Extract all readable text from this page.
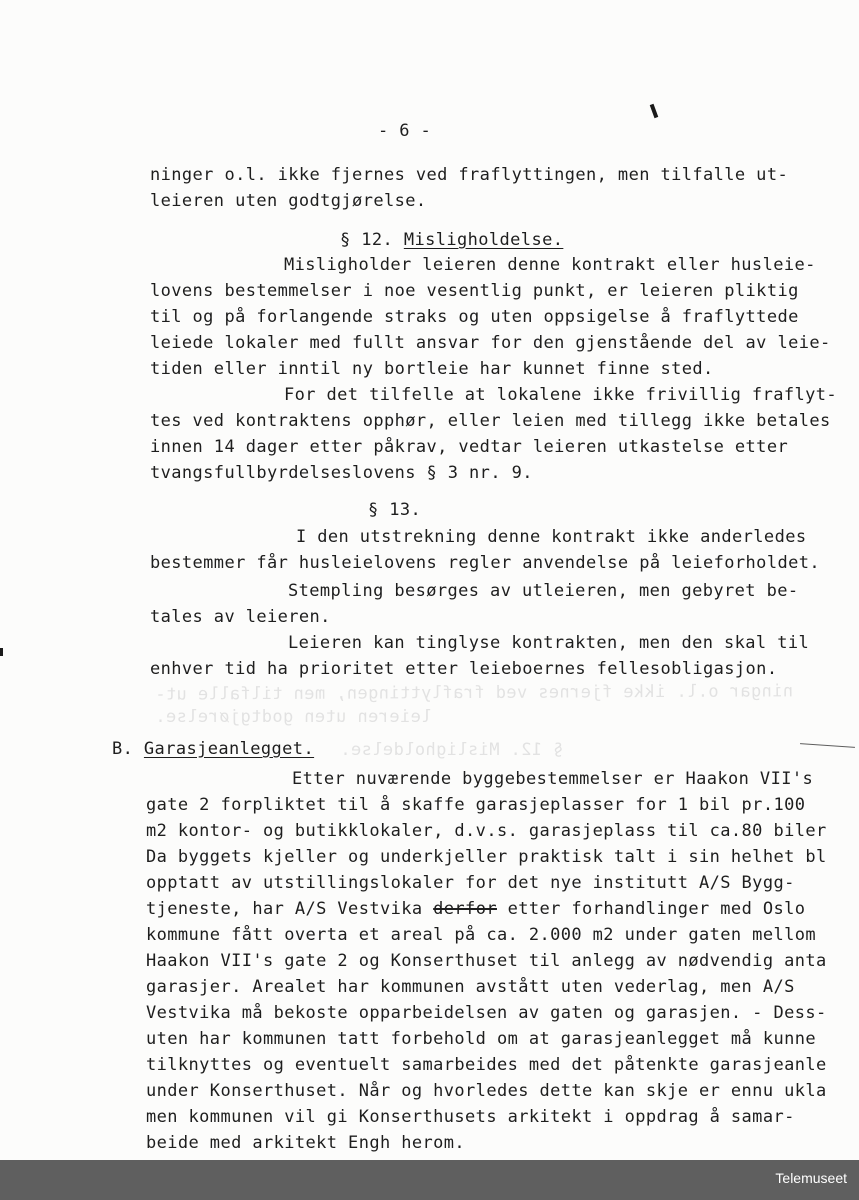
ningar o.l. ikke fjernes ved fraflyttingen, men tilfalle ut-
leieren uten godtgjørelse.
§ 12. Misligholdelse.
- 6 -
ninger o.l. ikke fjernes ved fraflyttingen, men tilfalle ut-
leieren uten godtgjørelse.
§ 12. Misligholdelse.
Misligholder leieren denne kontrakt eller husleie-
lovens bestemmelser i noe vesentlig punkt, er leieren pliktig
til og på forlangende straks og uten oppsigelse å fraflyttede
leiede lokaler med fullt ansvar for den gjenstående del av leie-
tiden eller inntil ny bortleie har kunnet finne sted.
For det tilfelle at lokalene ikke frivillig fraflyt-
tes ved kontraktens opphør, eller leien med tillegg ikke betales
innen 14 dager etter påkrav, vedtar leieren utkastelse etter
tvangsfullbyrdelseslovens § 3 nr. 9.
§ 13.
I den utstrekning denne kontrakt ikke anderledes
bestemmer får husleielovens regler anvendelse på leieforholdet.
Stempling besørges av utleieren, men gebyret be-
tales av leieren.
Leieren kan tinglyse kontrakten, men den skal til
enhver tid ha prioritet etter leieboernes fellesobligasjon.
B. Garasjeanlegget.
Etter nuværende byggebestemmelser er Haakon VII's
gate 2 forpliktet til å skaffe garasjeplasser for 1 bil pr.100
m2 kontor- og butikklokaler, d.v.s. garasjeplass til ca.80 biler
Da byggets kjeller og underkjeller praktisk talt i sin helhet bl
opptatt av utstillingslokaler for det nye institutt A/S Bygg-
tjeneste, har A/S Vestvika derfor etter forhandlinger med Oslo
kommune fått overta et areal på ca. 2.000 m2 under gaten mellom
Haakon VII's gate 2 og Konserthuset til anlegg av nødvendig anta
garasjer. Arealet har kommunen avstått uten vederlag, men A/S
Vestvika må bekoste opparbeidelsen av gaten og garasjen. - Dess-
uten har kommunen tatt forbehold om at garasjeanlegget må kunne
tilknyttes og eventuelt samarbeides med det påtenkte garasjeanle
under Konserthuset. Når og hvorledes dette kan skje er ennu ukla
men kommunen vil gi Konserthusets arkitekt i oppdrag å samar-
beide med arkitekt Engh herom.
Telemuseet
